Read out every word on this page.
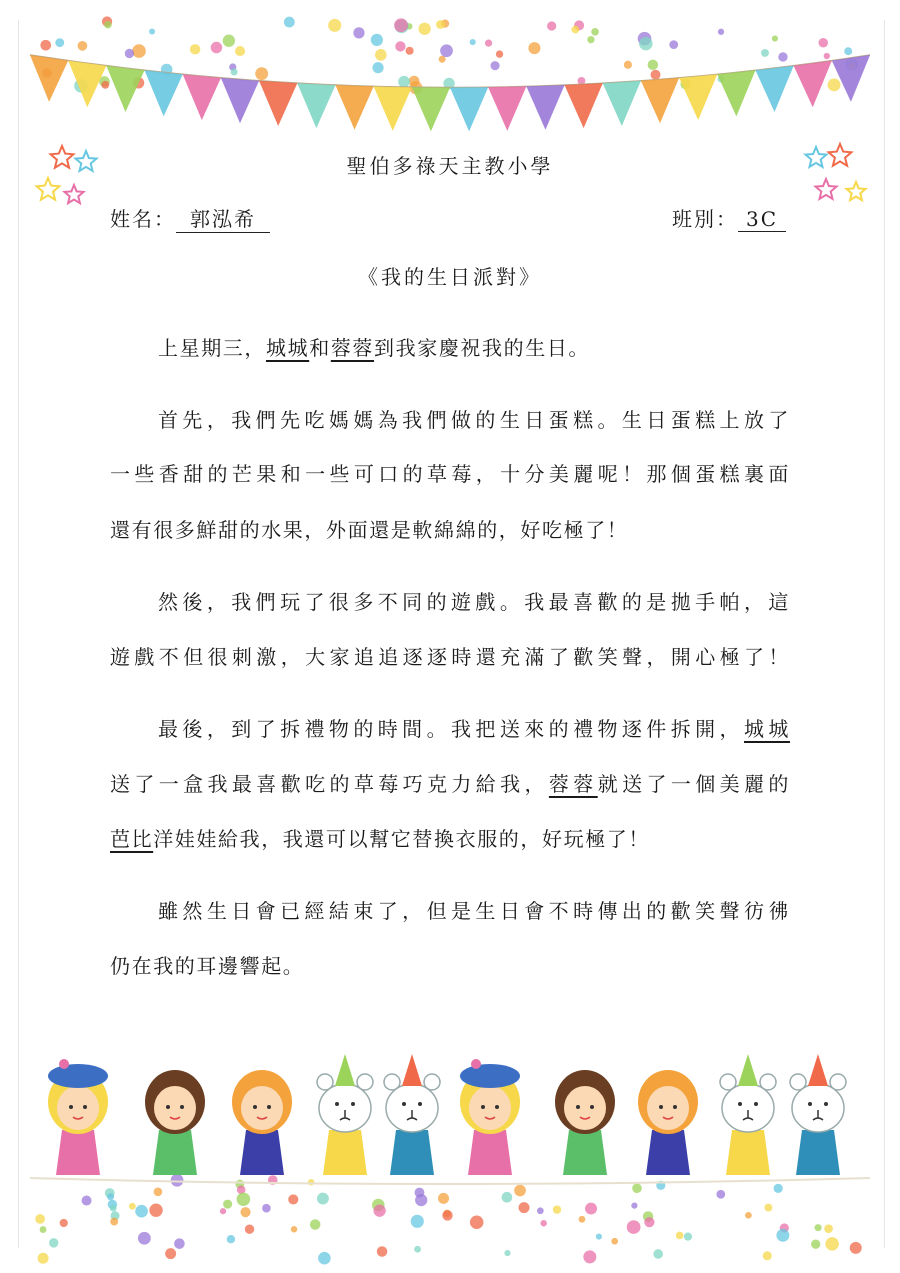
聖伯多祿天主教小學
姓名： 郭泓希	班別： 3C
《我的生日派對》
上星期三，城城和蓉蓉到我家慶祝我的生日。
首先，我們先吃媽媽為我們做的生日蛋糕。生日蛋糕上放了
一些香甜的芒果和一些可口的草莓，十分美麗呢！那個蛋糕裏面
還有很多鮮甜的水果，外面還是軟綿綿的，好吃極了！
然後，我們玩了很多不同的遊戲。我最喜歡的是拋手帕，這
遊戲不但很刺激，大家追追逐逐時還充滿了歡笑聲，開心極了！
最後，到了拆禮物的時間。我把送來的禮物逐件拆開，城城
送了一盒我最喜歡吃的草莓巧克力給我，蓉蓉就送了一個美麗的
芭比洋娃娃給我，我還可以幫它替換衣服的，好玩極了！
雖然生日會已經結束了，但是生日會不時傳出的歡笑聲彷彿
仍在我的耳邊響起。
